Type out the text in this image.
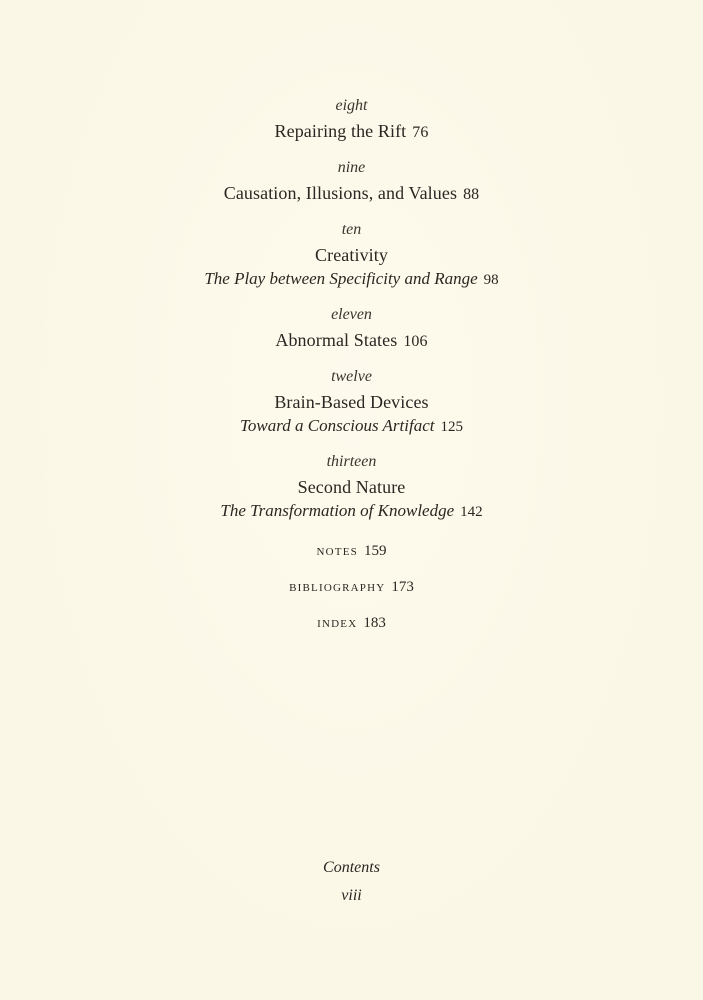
eight
Repairing the Rift 76
nine
Causation, Illusions, and Values 88
ten
Creativity
The Play between Specificity and Range 98
eleven
Abnormal States 106
twelve
Brain-Based Devices
Toward a Conscious Artifact 125
thirteen
Second Nature
The Transformation of Knowledge 142
notes 159
bibliography 173
index 183
Contents
viii
